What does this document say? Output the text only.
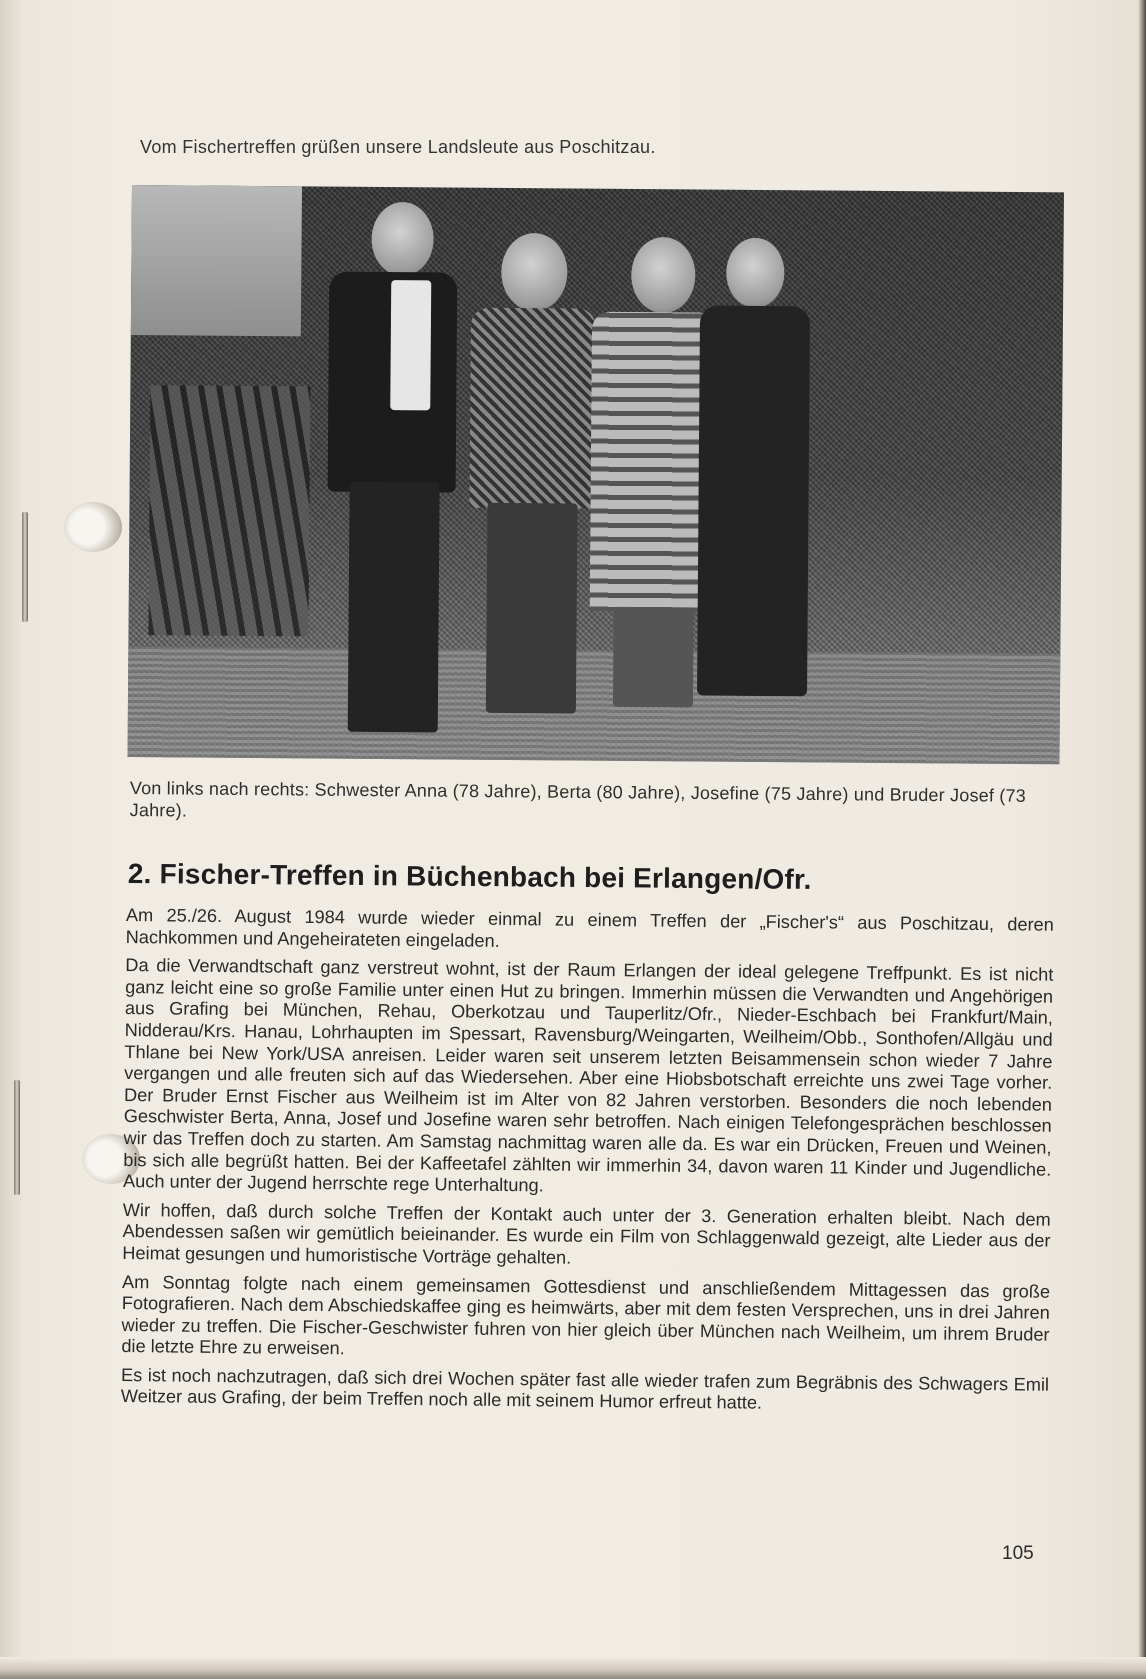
Vom Fischertreffen grüßen unsere Landsleute aus Poschitzau.
Von links nach rechts: Schwester Anna (78 Jahre), Berta (80 Jahre), Josefine (75 Jahre) und Bruder Josef (73 Jahre).
2. Fischer-Treffen in Büchenbach bei Erlangen/Ofr.

Am 25./26. August 1984 wurde wieder einmal zu einem Treffen der „Fischer's“ aus Poschitzau, deren Nachkommen und Angeheirateten eingeladen.

Da die Verwandtschaft ganz verstreut wohnt, ist der Raum Erlangen der ideal gelegene Treffpunkt. Es ist nicht ganz leicht eine so große Familie unter einen Hut zu bringen. Immerhin müssen die Verwandten und Angehörigen aus Grafing bei München, Rehau, Oberkotzau und Tauperlitz/Ofr., Nieder-Eschbach bei Frankfurt/Main, Nidderau/Krs. Hanau, Lohrhaupten im Spessart, Ravensburg/Weingarten, Weilheim/Obb., Sonthofen/Allgäu und Thlane bei New York/USA anreisen. Leider waren seit unserem letzten Beisammensein schon wieder 7 Jahre vergangen und alle freuten sich auf das Wiedersehen. Aber eine Hiobsbotschaft erreichte uns zwei Tage vorher. Der Bruder Ernst Fischer aus Weilheim ist im Alter von 82 Jahren verstorben. Besonders die noch lebenden Geschwister Berta, Anna, Josef und Josefine waren sehr betroffen. Nach einigen Telefongesprächen beschlossen wir das Treffen doch zu starten. Am Samstag nachmittag waren alle da. Es war ein Drücken, Freuen und Weinen, bis sich alle begrüßt hatten. Bei der Kaffeetafel zählten wir immerhin 34, davon waren 11 Kinder und Jugendliche. Auch unter der Jugend herrschte rege Unterhaltung.

Wir hoffen, daß durch solche Treffen der Kontakt auch unter der 3. Generation erhalten bleibt. Nach dem Abendessen saßen wir gemütlich beieinander. Es wurde ein Film von Schlaggenwald gezeigt, alte Lieder aus der Heimat gesungen und humoristische Vorträge gehalten.

Am Sonntag folgte nach einem gemeinsamen Gottesdienst und anschließendem Mittagessen das große Fotografieren. Nach dem Abschiedskaffee ging es heimwärts, aber mit dem festen Versprechen, uns in drei Jahren wieder zu treffen. Die Fischer-Geschwister fuhren von hier gleich über München nach Weilheim, um ihrem Bruder die letzte Ehre zu erweisen.

Es ist noch nachzutragen, daß sich drei Wochen später fast alle wieder trafen zum Begräbnis des Schwagers Emil Weitzer aus Grafing, der beim Treffen noch alle mit seinem Humor erfreut hatte.

105
